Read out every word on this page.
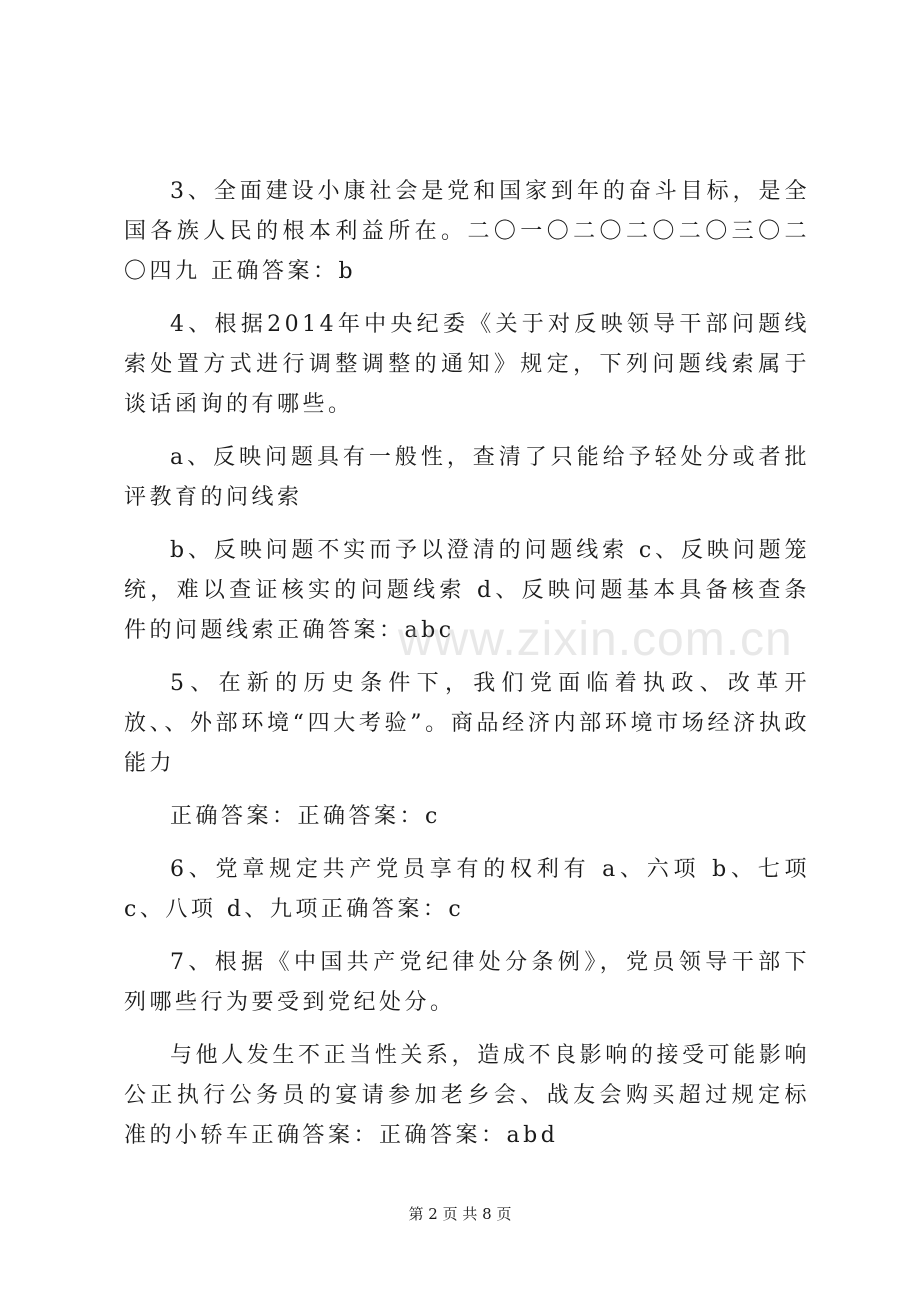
3、全面建设小康社会是党和国家到年的奋斗目标，是全国各族人民的根本利益所在。二〇一〇二〇二〇二〇三〇二〇四九 正确答案：b

4、根据2014年中央纪委《关于对反映领导干部问题线索处置方式进行调整调整的通知》规定，下列问题线索属于谈话函询的有哪些。

a、反映问题具有一般性，查清了只能给予轻处分或者批评教育的问线索

b、反映问题不实而予以澄清的问题线索 c、反映问题笼统，难以查证核实的问题线索 d、反映问题基本具备核查条件的问题线索正确答案：abc

5、在新的历史条件下，我们党面临着执政、改革开放、、外部环境“四大考验”。商品经济内部环境市场经济执政能力

正确答案：正确答案：c

6、党章规定共产党员享有的权利有 a、六项 b、七项 c、八项 d、九项正确答案：c

7、根据《中国共产党纪律处分条例》，党员领导干部下列哪些行为要受到党纪处分。

与他人发生不正当性关系，造成不良影响的接受可能影响公正执行公务员的宴请参加老乡会、战友会购买超过规定标准的小轿车正确答案：正确答案：abd

www.zixin.com.cn
第 2 页 共 8 页
